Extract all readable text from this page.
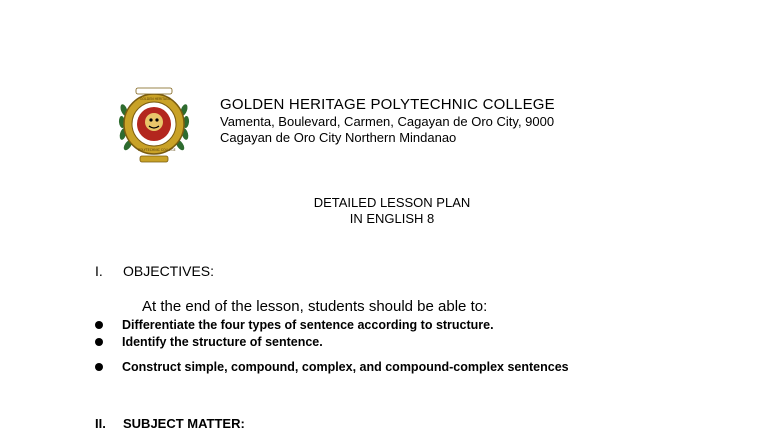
GOLDEN HERITAGE
POLYTECHNIC COLLEGE
GOLDEN HERITAGE POLYTECHNIC COLLEGE
Vamenta, Boulevard, Carmen, Cagayan de Oro City, 9000
Cagayan de Oro City Northern Mindanao
DETAILED LESSON PLAN
IN ENGLISH 8
I. OBJECTIVES:
At the end of the lesson, students should be able to:
Differentiate the four types of sentence according to structure.
Identify the structure of sentence.
Construct simple, compound, complex, and compound-complex sentences
II. SUBJECT MATTER:
